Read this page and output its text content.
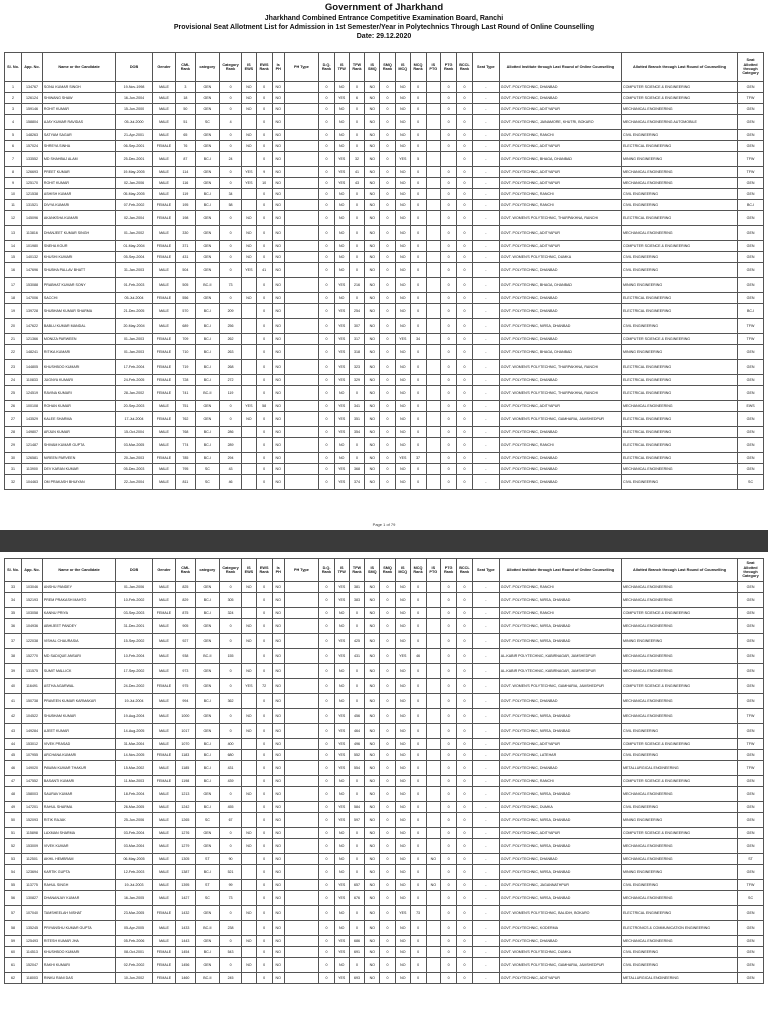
Government of Jharkhand
Jharkhand Combined Entrance Competitive Examination Board, Ranchi
Provisional Seat Allotment List for Admission in 1st Semester/Year in Polytechnics Through Last Round of Online Counselling
Date: 29.12.2020
Sl. No.	App. No.	Name or the Candidate	DOB	Gender	CML Rank	category	Category Rank	IS EWS	EWS Rank	Is PH	PH Type	D.Q. Rank	IS TFW	TFW Rank	IS SMQ	SMQ Rank	IS MCQ	MCQ Rank	IS PTG	PTG Rank	BCCL Rank	Seat Type	Allotted Institute through Last Round of Online Counselling	Allotted Branch through Last Round of Counselling	Seat Allotted through Category
1	134767	SONU KUMAR SINGH	19-Nov-1998	MALE	3	GEN	0	NO	0	NO		0	NO	0	NO	0	NO	0		0	0	-	GOVT. POLYTECHNIC, DHANBAD	COMPUTER SCIENCE & ENGINEERING	GEN
2	126124	SHIWANG SHAW	16-Jun-2004	MALE	18	GEN	0	NO	0	NO		0	YES	6	NO	0	NO	0		0	0	-	GOVT. POLYTECHNIC, DHANBAD	COMPUTER SCIENCE & ENGINEERING	TFW
3	159146	ROHIT KUMAR	15-Jun-2000	MALE	50	GEN	0	NO	0	NO		0	NO	0	NO	0	NO	0		0	0	-	GOVT. POLYTECHNIC, ADITYAPUR	MECHANICAL ENGINEERING	GEN
4	158804	AJAY KUMAR RAVIDAS	05-Jul-2000	MALE	51	SC	4		0	NO		0	NO	0	NO	0	NO	0		0	0	-	GOVT. POLYTECHNIC, JAINAMORE, KHUTRI, BOKARO	MECHANICAL ENGINEERING AUTOMOBILE	GEN
5	148263	SATYAM SAGAR	21-Apr-2001	MALE	65	GEN	0	NO	0	NO		0	NO	0	NO	0	NO	0		0	0	-	GOVT. POLYTECHNIC, RANCHI	CIVIL ENGINEERING	GEN
6	157024	SHREYA SINHA	06-Sep-2001	FEMALE	76	GEN	0	NO	0	NO		0	NO	0	NO	0	NO	0		0	0	-	GOVT. POLYTECHNIC, ADITYAPUR	ELECTRICAL ENGINEERING	GEN
7	133552	MD SHAHBAJ ALAM	25-Dec-2001	MALE	87	BC-I	24		0	NO		0	YES	32	NO	0	YES	5			0	-	GOVT. POLYTECHNIC, BHAGA, DHANBAD	MINING ENGINEERING	TFW
8	126693	PREET KUMAR	19-May-2005	MALE	114	GEN	0	YES	9	NO		0	YES	41	NO	0	NO	0		0	0	-	GOVT. POLYTECHNIC, ADITYAPUR	MECHANICAL ENGINEERING	TFW
9	125170	ROHIT KUMAR	02-Jan-2006	MALE	116	GEN	0	YES	10	NO		0	YES	43	NO	0	NO	0		0	0	-	GOVT. POLYTECHNIC, ADITYAPUR	MECHANICAL ENGINEERING	GEN
10	121538	ASHISH KUMAR	05-May-2005	MALE	119	BC-I	34		0	NO		0	NO	0	NO	0	NO	0		0	0	-	GOVT. POLYTECHNIC, RANCHI	CIVIL ENGINEERING	GEN
11	131521	DIVYA KUMARI	07-Feb-2002	FEMALE	195	BC-I	58		0	NO		0	NO	0	NO	0	NO	0		0	0	-	GOVT. POLYTECHNIC, RANCHI	CIVIL ENGINEERING	BC-I
12	145096	AKANKSHA KUMARI	02-Jan-2004	FEMALE	198	GEN	0	NO	0	NO		0	NO	0	NO	0	NO	0		0	0	-	GOVT. WOMEN'S POLYTECHNIC, THARPAKHNA, RANCHI	ELECTRICAL ENGINEERING	GEN
13	113816	DHANJEET KUMAR SINGH	01-Jan-2002	MALE	330	GEN	0	NO	0	NO		0	NO	0	NO	0	NO	0		0	0	-	GOVT. POLYTECHNIC, ADITYAPUR	MECHANICAL ENGINEERING	GEN
14	101980	SNEHA KOUR	01-May-2004	FEMALE	371	GEN	0	NO	0	NO		0	NO	0	NO	0	NO	0		0	0	-	GOVT. POLYTECHNIC, ADITYAPUR	COMPUTER SCIENCE & ENGINEERING	GEN
15	140132	KHUSHI KUMARI	05-Sep-2004	FEMALE	431	GEN	0	NO	0	NO		0	NO	0	NO	0	NO	0		0	0	-	GOVT. WOMEN'S POLYTECHNIC, DUMKA	CIVIL ENGINEERING	GEN
16	147696	SHUBHA PALLAV BHATT	31-Jan-2003	MALE	504	GEN	0	YES	41	NO		0	NO	0	NO	0	NO	0		0	0	-	GOVT. POLYTECHNIC, DHANBAD	CIVIL ENGINEERING	GEN
17	153088	PRABHAT KUMAR SONY	01-Feb-2003	MALE	505	BC-II	73		0	NO		0	YES	216	NO	0	NO	0		0	0	-	GOVT. POLYTECHNIC, BHAGA, DHANBAD	MINING ENGINEERING	GEN
18	147006	SACCHI	05-Jul-2004	FEMALE	556	GEN	0	NO	0	NO		0	NO	0	NO	0	NO	0		0	0	-	GOVT. POLYTECHNIC, DHANBAD	ELECTRICAL ENGINEERING	GEN
19	139728	SHUBHAM KUMAR SHARMA	21-Dec-2005	MALE	570	BC-I	209		0	NO		0	YES	254	NO	0	NO	0		0	0	-	GOVT. POLYTECHNIC, DHANBAD	ELECTRICAL ENGINEERING	BC-I
20	147622	BABLU KUMAR MANDAL	20-May-2004	MALE	689	BC-I	256		0	NO		0	YES	307	NO	0	NO	0		0	0	-	GOVT. POLYTECHNIC, NIRSA, DHANBAD	CIVIL ENGINEERING	TFW
21	121366	MONIZA PARWEEN	01-Jan-2003	FEMALE	709	BC-I	262		0	NO		0	YES	317	NO	0	YES	34		0	0	-	GOVT. POLYTECHNIC, DHANBAD	COMPUTER SCIENCE & ENGINEERING	TFW
22	148241	RITIKA KUMARI	01-Jan-2003	FEMALE	710	BC-I	263		0	NO		0	YES	318	NO	0	NO	0		0	0	-	GOVT. POLYTECHNIC, BHAGA, DHANBAD	MINING ENGINEERING	GEN
23	144805	KHUSHBOO KUMARI	17-Feb-2004	FEMALE	719	BC-I	268		0	NO		0	YES	323	NO	0	NO	0		0	0	-	GOVT. WOMEN'S POLYTECHNIC, THARPAKHNA, RANCHI	ELECTRICAL ENGINEERING	GEN
24	110833	JUGNYA KUMARI	24-Feb-2005	FEMALE	728	BC-I	272		0	NO		0	YES	329	NO	0	NO	0		0	0	-	GOVT. POLYTECHNIC, DHANBAD	ELECTRICAL ENGINEERING	GEN
25	124519	RAVINA KUMARI	28-Jan-2002	FEMALE	741	BC-II	119		0	NO		0	NO	0	NO	0	NO	0		0	0	-	GOVT. WOMEN'S POLYTECHNIC, THARPAKHNA, RANCHI	ELECTRICAL ENGINEERING	GEN
26	100108	ROHAN KUMAR	20-Sep-2003	MALE	751	GEN	0	YES	58	NO		0	YES	341	NO	0	NO	0		0	0	-	GOVT. POLYTECHNIC, ADITYAPUR	MECHANICAL ENGINEERING	EWS
27	143529	KALEE SHARMA	17-Jul-2004	FEMALE	762	GEN	0	NO	0	NO		0	YES	351	NO	0	NO	0		0	0	-	GOVT. WOMEN'S POLYTECHNIC, GAMHARIA, JAMSHEDPUR	ELECTRICAL ENGINEERING	GEN
28	149807	ARJUN KUMAR	15-Oct-2004	MALE	768	BC-I	286		0	NO		0	YES	354	NO	0	NO	0		0	0	-	GOVT. POLYTECHNIC, DHANBAD	ELECTRICAL ENGINEERING	GEN
29	121487	SHIVAM KUMAR GUPTA	03-Mar-2005	MALE	774	BC-I	289		0	NO		0	NO	0	NO	0	NO	0		0	0	-	GOVT. POLYTECHNIC, RANCHI	ELECTRICAL ENGINEERING	GEN
30	126581	NIREEN PARVEEN	20-Jan-2003	FEMALE	785	BC-I	294		0	NO		0	NO	0	NO	0	YES	37		0	0	-	GOVT. POLYTECHNIC, DHANBAD	ELECTRICAL ENGINEERING	GEN
31	113900	DEV KARAN KUMAR	05-Dec-2003	MALE	795	SC	43		0	NO		0	YES	368	NO	0	NO	0		0	0	-	GOVT. POLYTECHNIC, DHANBAD	MECHANICAL ENGINEERING	GEN
32	104463	OM PRAKASH BHUIYAN	22-Jun-2004	MALE	811	SC	46		0	NO		0	YES	374	NO	0	NO	0		0	0	-	GOVT. POLYTECHNIC, DHANBAD	CIVIL ENGINEERING	SC
Page 1 of 79
Sl. No.	App. No.	Name or the Candidate	DOB	Gender	CML Rank	category	Category Rank	IS EWS	EWS Rank	Is PH	PH Type	D.Q. Rank	IS TFW	TFW Rank	IS SMQ	SMQ Rank	IS MCQ	MCQ Rank	IS PTG	PTG Rank	BCCL Rank	Seat Type	Allotted Institute through Last Round of Online Counselling	Allotted Branch through Last Round of Counselling	Seat Allotted through Category
33	103046	ANSHU PANDEY	01-Jan-2006	MALE	825	GEN	0	NO	0	NO		0	YES	381	NO	0	NO	0		0	0	-	GOVT. POLYTECHNIC, RANCHI	MECHANICAL ENGINEERING	GEN
34	152193	PREM PRAKASH MAHTO	10-Feb-2002	MALE	829	BC-I	305		0	NO		0	YES	383	NO	0	NO	0		0	0	-	GOVT. POLYTECHNIC, NIRSA, DHANBAD	MECHANICAL ENGINEERING	GEN
35	103058	KANNU PRIYA	03-Sep-2003	FEMALE	875	BC-I	324		0	NO		0	NO	0	NO	0	NO	0		0	0	-	GOVT. POLYTECHNIC, RANCHI	COMPUTER SCIENCE & ENGINEERING	GEN
36	104936	ABHIJEET PANDEY	31-Dec-2001	MALE	905	GEN	0	NO	0	NO		0	NO	0	NO	0	NO	0		0	0	-	GOVT. POLYTECHNIC, NIRSA, DHANBAD	MECHANICAL ENGINEERING	GEN
37	122038	VISHAL CHAURASIA	15-Sep-2002	MALE	927	GEN	0	NO	0	NO		0	YES	425	NO	0	NO	0		0	0	-	GOVT. POLYTECHNIC, NIRSA, DHANBAD	MINING ENGINEERING	GEN
38	152770	MD SADIQUE ANSARI	10-Feb-2004	MALE	938	BC-II	155		0	NO		0	YES	431	NO	0	YES	46		0	0	-	AL-KABIR POLYTECHNIC, KABIRNAGAR, JAMSHEDPUR	MECHANICAL ENGINEERING	GEN
39	131575	SUMIT MALLICK	17-Sep-2002	MALE	973	GEN	0	NO	0	NO		0	NO	0	NO	0	NO	0		0	0	-	AL-KABIR POLYTECHNIC, KABIRNAGAR, JAMSHEDPUR	MECHANICAL ENGINEERING	GEN
40	116491	ASTHA AGARWAL	24-Dec-2002	FEMALE	975	GEN	0	YES	72	NO		0	NO	0	NO	0	NO	0		0	0	-	GOVT. WOMEN'S POLYTECHNIC, GAMHARIA, JAMSHEDPUR	COMPUTER SCIENCE & ENGINEERING	GEN
41	150738	PRAVEEN KUMAR KARMAKAR	19-Jul-2004	MALE	994	BC-I	362		0	NO		0	NO	0	NO	0	NO	0		0	0	-	GOVT. POLYTECHNIC, DHANBAD	MECHANICAL ENGINEERING	GEN
42	104522	SHUBHAM KUMAR	19-Aug-2004	MALE	1000	GEN	0	NO	0	NO		0	YES	456	NO	0	NO	0		0	0	-	GOVT. POLYTECHNIC, NIRSA, DHANBAD	MECHANICAL ENGINEERING	TFW
43	149284	AJEET KUMAR	14-Aug-2005	MALE	1017	GEN	0	NO	0	NO		0	YES	464	NO	0	NO	0		0	0	-	GOVT. POLYTECHNIC, NIRSA, DHANBAD	CIVIL ENGINEERING	GEN
44	153012	VIVEK PRASAD	31-Mar-2004	MALE	1070	BC-I	400		0	NO		0	YES	496	NO	0	NO	0		0	0	-	GOVT. POLYTECHNIC, ADITYAPUR	COMPUTER SCIENCE & ENGINEERING	TFW
45	107955	ARCHANA KUMARI	14-Nov-2005	FEMALE	1183	BC-I	680		0	NO		0	YES	552	NO	0	NO	0		0	0	-	GOVT. POLYTECHNIC, LATEHAR	CIVIL ENGINEERING	GEN
46	149020	PAWAN KUMAR THAKUR	15-Mar-2002	MALE	1185	BC-I	431		0	NO		0	YES	554	NO	0	NO	0		0	0	-	GOVT. POLYTECHNIC, DHANBAD	METALLURGICAL ENGINEERING	TFW
47	147552	BASANTI KUMARI	11-Mar-2003	FEMALE	1198	BC-I	439		0	NO		0	NO	0	NO	0	NO	0		0	0	-	GOVT. POLYTECHNIC, RANCHI	COMPUTER SCIENCE & ENGINEERING	GEN
48	158003	SAURAV KUMAR	18-Feb-2004	MALE	1213	GEN	0	NO	0	NO		0	NO	0	NO	0	NO	0		0	0	-	GOVT. POLYTECHNIC, NIRSA, DHANBAD	MECHANICAL ENGINEERING	GEN
49	147201	RAHUL SHARMA	26-Mar-2005	MALE	1242	BC-I	455		0	NO		0	YES	584	NO	0	NO	0		0	0	-	GOVT. POLYTECHNIC, DUMKA	CIVIL ENGINEERING	GEN
50	152093	RITIK RAJAK	25-Jun-2006	MALE	1265	SC	67		0	NO		0	YES	597	NO	0	NO	0		0	0	-	GOVT. POLYTECHNIC, NIRSA, DHANBAD	MINING ENGINEERING	GEN
51	115898	LAXMAN SHARMA	03-Feb-2004	MALE	1276	GEN	0	NO	0	NO		0	NO	0	NO	0	NO	0		0	0	-	GOVT. POLYTECHNIC, ADITYAPUR	COMPUTER SCIENCE & ENGINEERING	GEN
52	153009	VIVEK KUMAR	03-Mar-2004	MALE	1279	GEN	0	NO	0	NO		0	NO	0	NO	0	NO	0		0	0	-	GOVT. POLYTECHNIC, NIRSA, DHANBAD	MECHANICAL ENGINEERING	GEN
53	112501	AKHIL HEMBRAM	06-May-2005	MALE	1305	ST	90		0	NO		0	NO	0	NO	0	NO	0	NO	0	0	-	GOVT. POLYTECHNIC, DHANBAD	MECHANICAL ENGINEERING	ST
54	123694	KARTIK GUPTA	12-Feb-2003	MALE	1387	BC-I	521		0	NO		0	NO	0	NO	0	NO	0		0	0	-	GOVT. POLYTECHNIC, NIRSA, DHANBAD	MINING ENGINEERING	GEN
55	113775	RAHUL SINGH	19-Jul-2003	MALE	1395	ST	99		0	NO		0	YES	657	NO	0	NO	0	NO	0	0	-	GOVT. POLYTECHNIC, JAGANNATHPUR	CIVIL ENGINEERING	TFW
56	130827	DHANANJAY KUMAR	16-Jan-2005	MALE	1427	SC	73		0	NO		0	YES	676	NO	0	NO	0		0	0	-	GOVT. POLYTECHNIC, NIRSA, DHANBAD	MECHANICAL ENGINEERING	SC
57	107040	TAMSHEELAH NISHAT	23-Mar-2005	FEMALE	1432	GEN	0	NO	0	NO		0	NO	0	NO	0	YES	73		0	0	-	GOVT. WOMEN'S POLYTECHNIC, BALIDIH, BOKARO	ELECTRICAL ENGINEERING	GEN
58	135245	PRIYANSHU KUMAR GUPTA	05-Apr-2005	MALE	1433	BC-II	238		0	NO		0	NO	0	NO	0	NO	0		0	0	-	GOVT. POLYTECHNIC, KODERMA	ELECTRONICS & COMMUNICATION ENGINEERING	GEN
59	125493	RITESH KUMAR JHA	05-Feb-2006	MALE	1443	GEN	0	NO	0	NO		0	YES	686	NO	0	NO	0		0	0	-	GOVT. POLYTECHNIC, DHANBAD	MECHANICAL ENGINEERING	GEN
60	114513	KHUSHBOO KUMARI	08-Oct-2001	FEMALE	1454	BC-I	543		0	NO		0	YES	691	NO	0	NO	0		0	0	-	GOVT. WOMEN'S POLYTECHNIC, DUMKA	CIVIL ENGINEERING	GEN
61	152047	RAKHI KUMARI	02-Feb-2002	FEMALE	1456	GEN	0	NO	0	NO		0	NO	0	NO	0	NO	0		0	0	-	GOVT. WOMEN'S POLYTECHNIC, GAMHARIA, JAMSHEDPUR	CIVIL ENGINEERING	GEN
62	118003	RINKU RANI DAS	10-Jun-2002	FEMALE	1460	BC-II	245		0	NO		0	YES	693	NO	0	NO	0		0	0	-	GOVT. POLYTECHNIC, ADITYAPUR	METALLURGICAL ENGINEERING	GEN
